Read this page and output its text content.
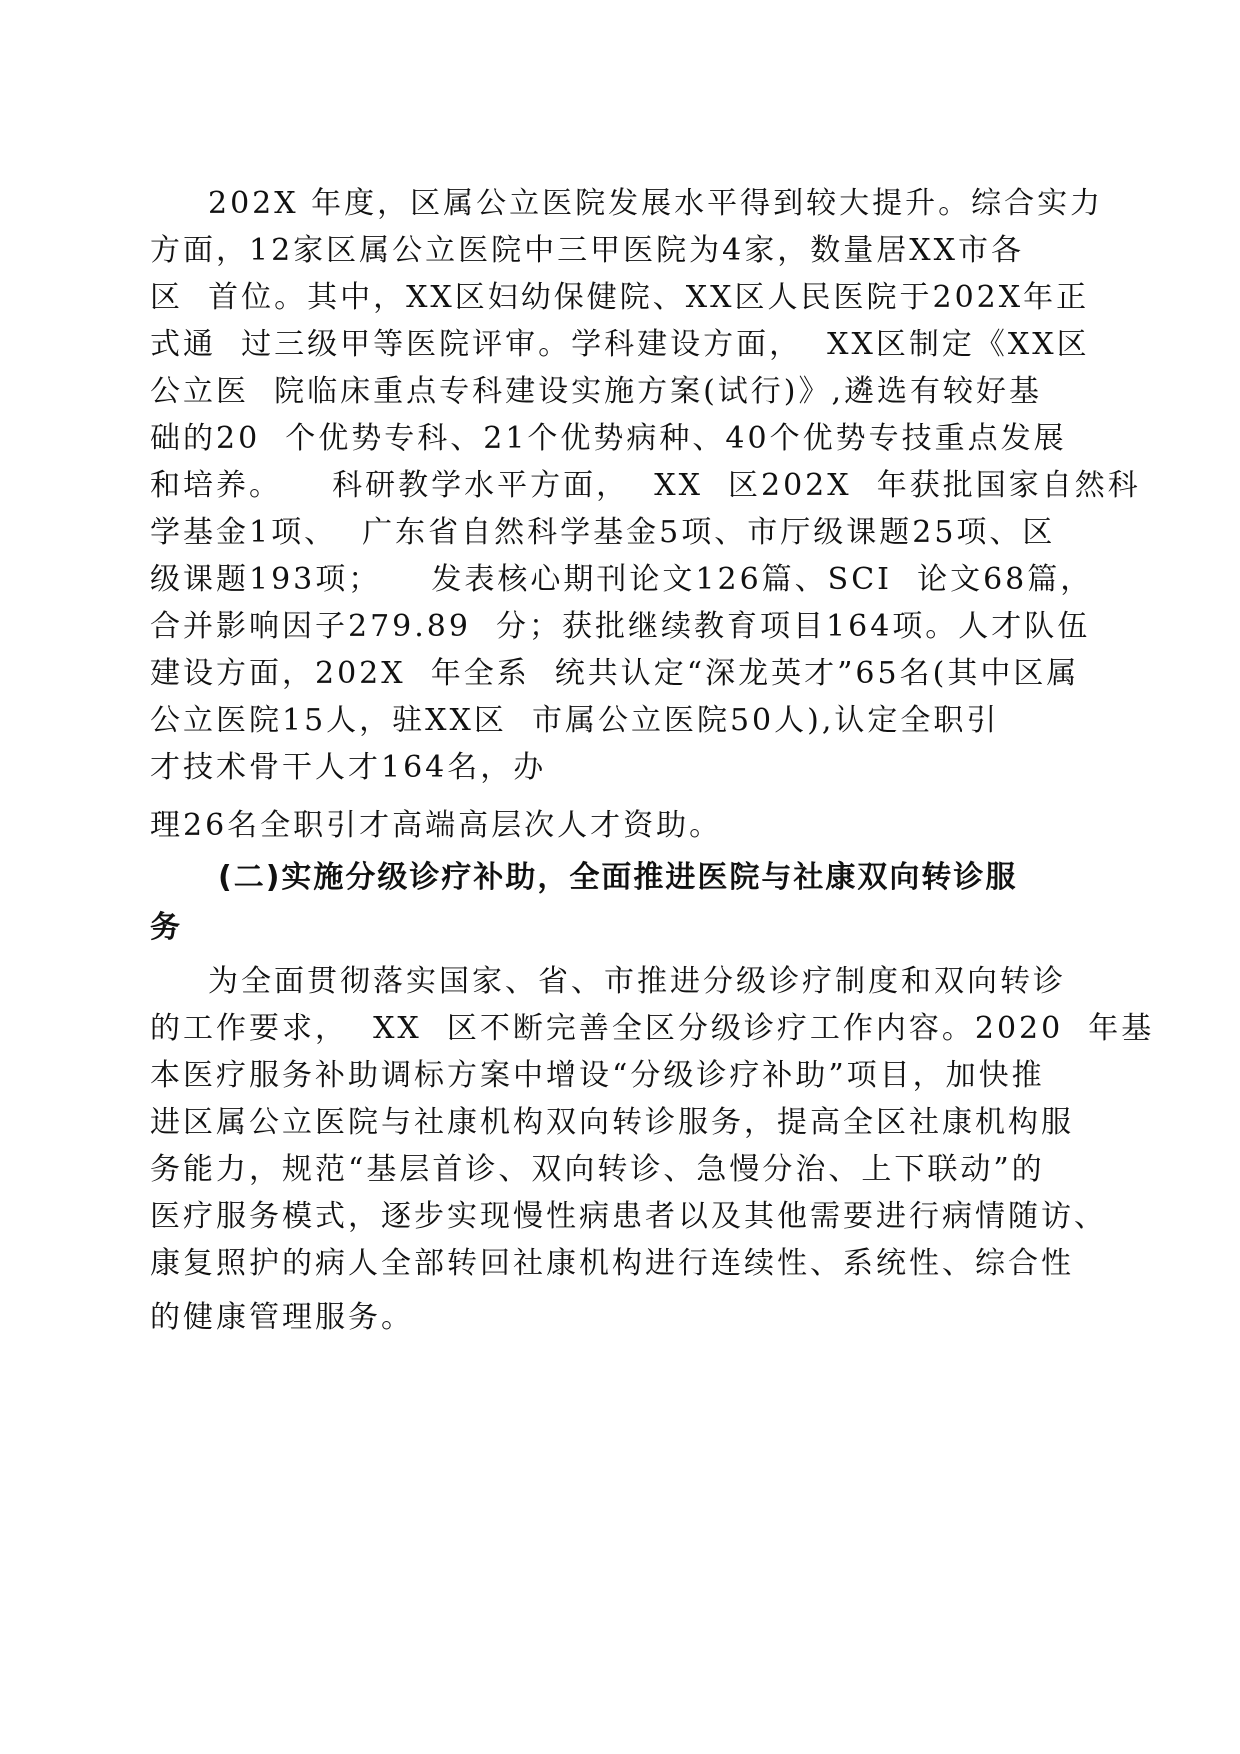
202X 年度，区属公立医院发展水平得到较大提升。综合实力
方面，12家区属公立医院中三甲医院为4家，数量居XX市各
区  首位。其中，XX区妇幼保健院、XX区人民医院于202X年正
式通  过三级甲等医院评审。学科建设方面，  XX区制定《XX区
公立医  院临床重点专科建设实施方案(试行)》,遴选有较好基
础的20  个优势专科、21个优势病种、40个优势专技重点发展
和培养。    科研教学水平方面，  XX  区202X  年获批国家自然科
学基金1项、  广东省自然科学基金5项、市厅级课题25项、区
级课题193项；    发表核心期刊论文126篇、SCI  论文68篇，
合并影响因子279.89  分；获批继续教育项目164项。人才队伍
建设方面，202X  年全系  统共认定“深龙英才”65名(其中区属
公立医院15人，驻XX区  市属公立医院50人),认定全职引
才技术骨干人才164名，办
理26名全职引才高端高层次人才资助。
(二)实施分级诊疗补助，全面推进医院与社康双向转诊服
务
为全面贯彻落实国家、省、市推进分级诊疗制度和双向转诊
的工作要求，  XX  区不断完善全区分级诊疗工作内容。2020  年基
本医疗服务补助调标方案中增设“分级诊疗补助”项目，加快推
进区属公立医院与社康机构双向转诊服务，提高全区社康机构服
务能力，规范“基层首诊、双向转诊、急慢分治、上下联动”的
医疗服务模式，逐步实现慢性病患者以及其他需要进行病情随访、
康复照护的病人全部转回社康机构进行连续性、系统性、综合性
的健康管理服务。
